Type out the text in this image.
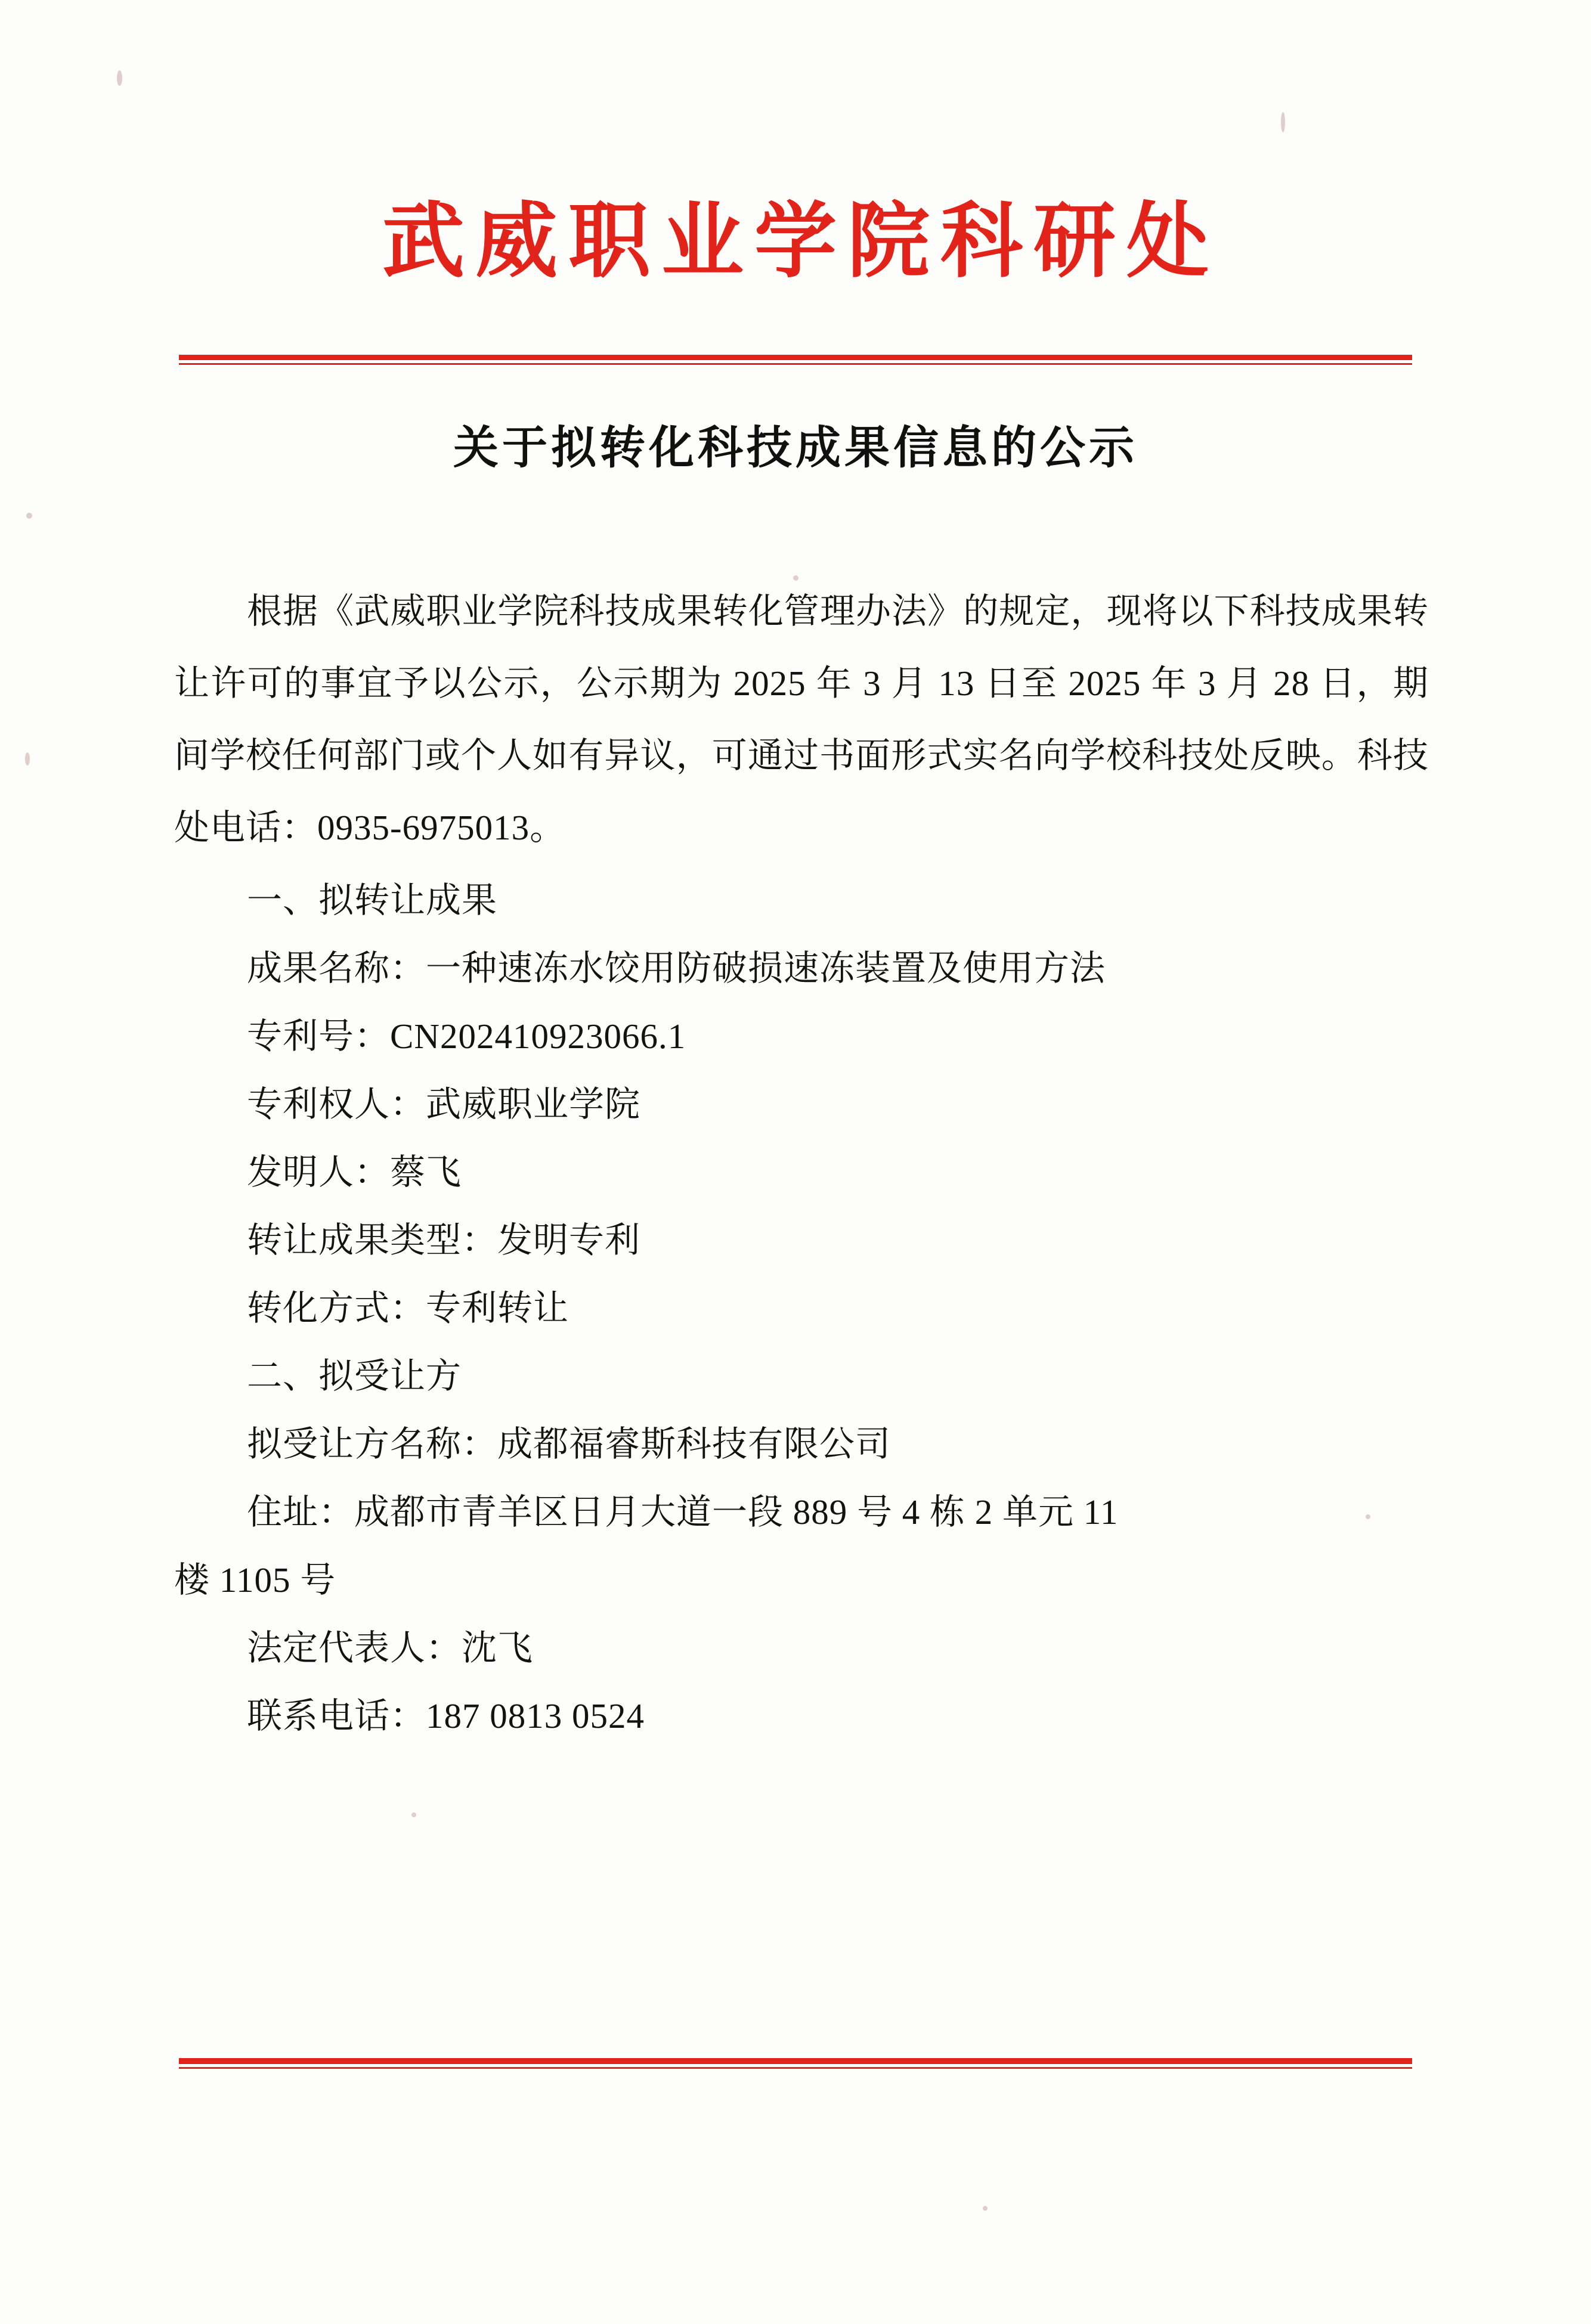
武威职业学院科研处
关于拟转化科技成果信息的公示

根据《武威职业学院科技成果转化管理办法》的规定，现将以下科技成果转让许可的事宜予以公示，公示期为 2025 年 3 月 13 日至 2025 年 3 月 28 日，期间学校任何部门或个人如有异议，可通过书面形式实名向学校科技处反映。科技处电话：0935-6975013。

一、拟转让成果
成果名称：一种速冻水饺用防破损速冻装置及使用方法
专利号：CN202410923066.1
专利权人：武威职业学院
发明人：蔡飞
转让成果类型：发明专利
转化方式：专利转让
二、拟受让方
拟受让方名称：成都福睿斯科技有限公司
住址：成都市青羊区日月大道一段 889 号 4 栋 2 单元 11
楼 1105 号
法定代表人：沈飞
联系电话：187 0813 0524
